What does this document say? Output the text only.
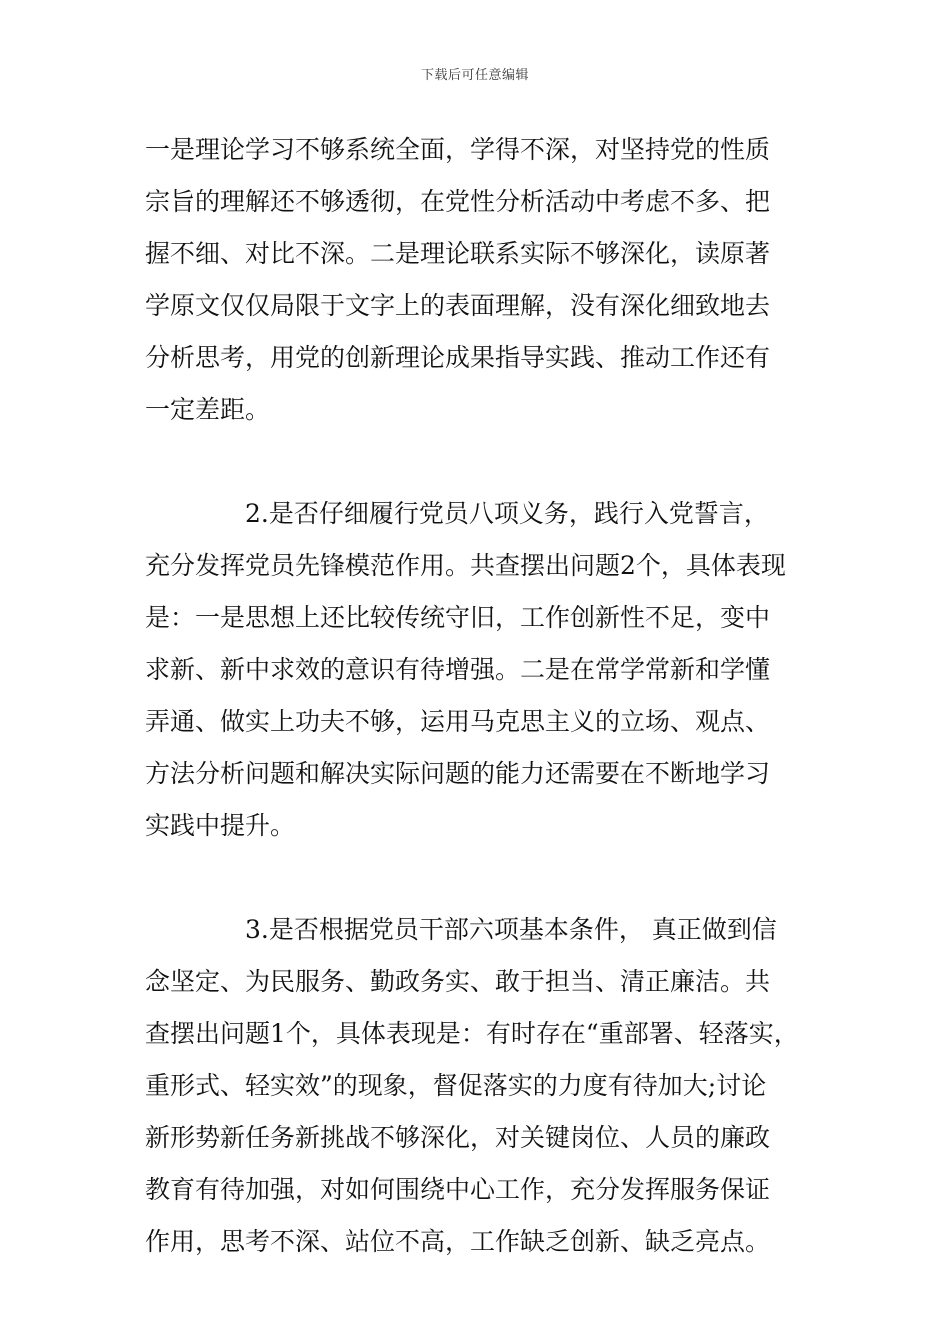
下载后可任意编辑
一是理论学习不够系统全面，学得不深，对坚持党的性质
宗旨的理解还不够透彻，在党性分析活动中考虑不多、把
握不细、对比不深。二是理论联系实际不够深化，读原著
学原文仅仅局限于文字上的表面理解，没有深化细致地去
分析思考，用党的创新理论成果指导实践、推动工作还有
一定差距。
2.是否仔细履行党员八项义务，践行入党誓言，
充分发挥党员先锋模范作用。共查摆出问题2个，具体表现
是：一是思想上还比较传统守旧，工作创新性不足，变中
求新、新中求效的意识有待增强。二是在常学常新和学懂
弄通、做实上功夫不够，运用马克思主义的立场、观点、
方法分析问题和解决实际问题的能力还需要在不断地学习
实践中提升。
3.是否根据党员干部六项基本条件， 真正做到信
念坚定、为民服务、勤政务实、敢于担当、清正廉洁。共
查摆出问题1个，具体表现是：有时存在“重部署、轻落实，
重形式、轻实效”的现象，督促落实的力度有待加大;讨论
新形势新任务新挑战不够深化，对关键岗位、人员的廉政
教育有待加强，对如何围绕中心工作，充分发挥服务保证
作用，思考不深、站位不高，工作缺乏创新、缺乏亮点。
